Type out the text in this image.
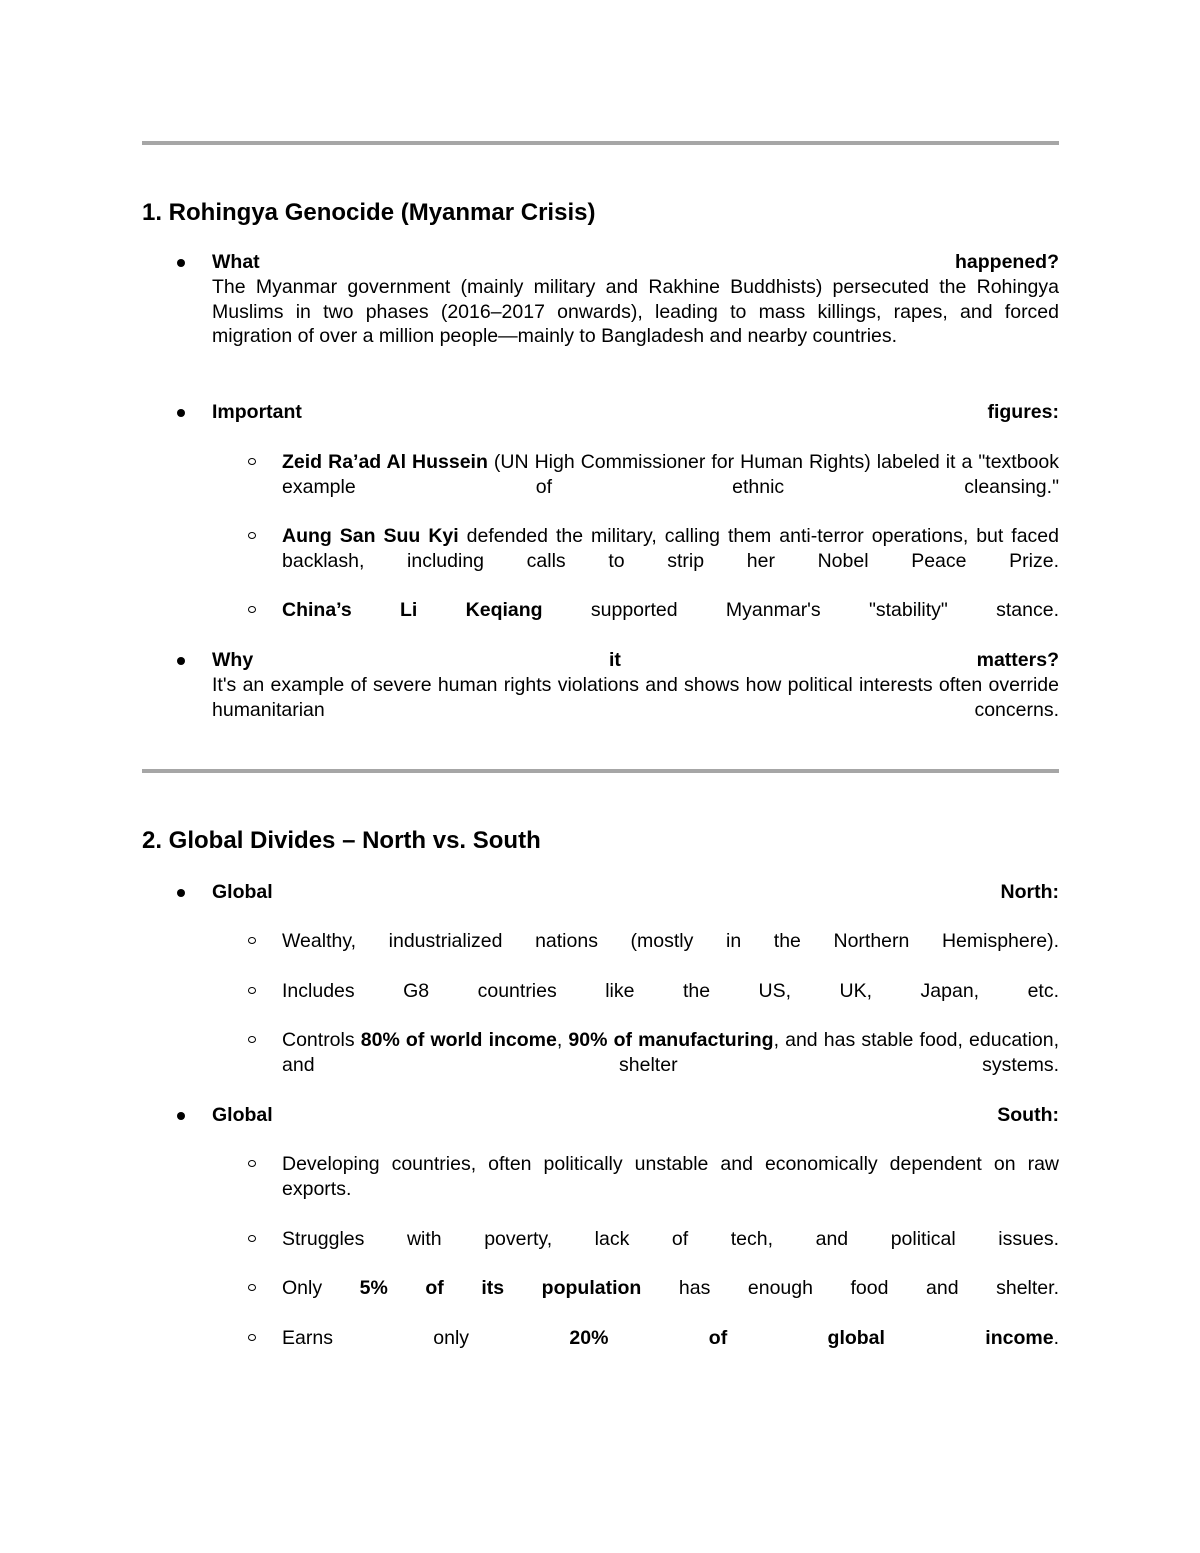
1. Rohingya Genocide (Myanmar Crisis)
What happened?
The Myanmar government (mainly military and Rakhine Buddhists) persecuted the Rohingya Muslims in two phases (2016–2017 onwards), leading to mass killings, rapes, and forced migration of over a million people—mainly to Bangladesh and nearby countries.
Important figures:
Zeid Ra’ad Al Hussein (UN High Commissioner for Human Rights) labeled it a "textbook example of ethnic cleansing."
Aung San Suu Kyi defended the military, calling them anti-terror operations, but faced backlash, including calls to strip her Nobel Peace Prize.
China’s Li Keqiang supported Myanmar's "stability" stance.
Why it matters?
It's an example of severe human rights violations and shows how political interests often override humanitarian concerns.
2. Global Divides – North vs. South
Global North:
Wealthy, industrialized nations (mostly in the Northern Hemisphere).
Includes G8 countries like the US, UK, Japan, etc.
Controls 80% of world income, 90% of manufacturing, and has stable food, education, and shelter systems.
Global South:
Developing countries, often politically unstable and economically dependent on raw exports.
Struggles with poverty, lack of tech, and political issues.
Only 5% of its population has enough food and shelter.
Earns only 20% of global income.
